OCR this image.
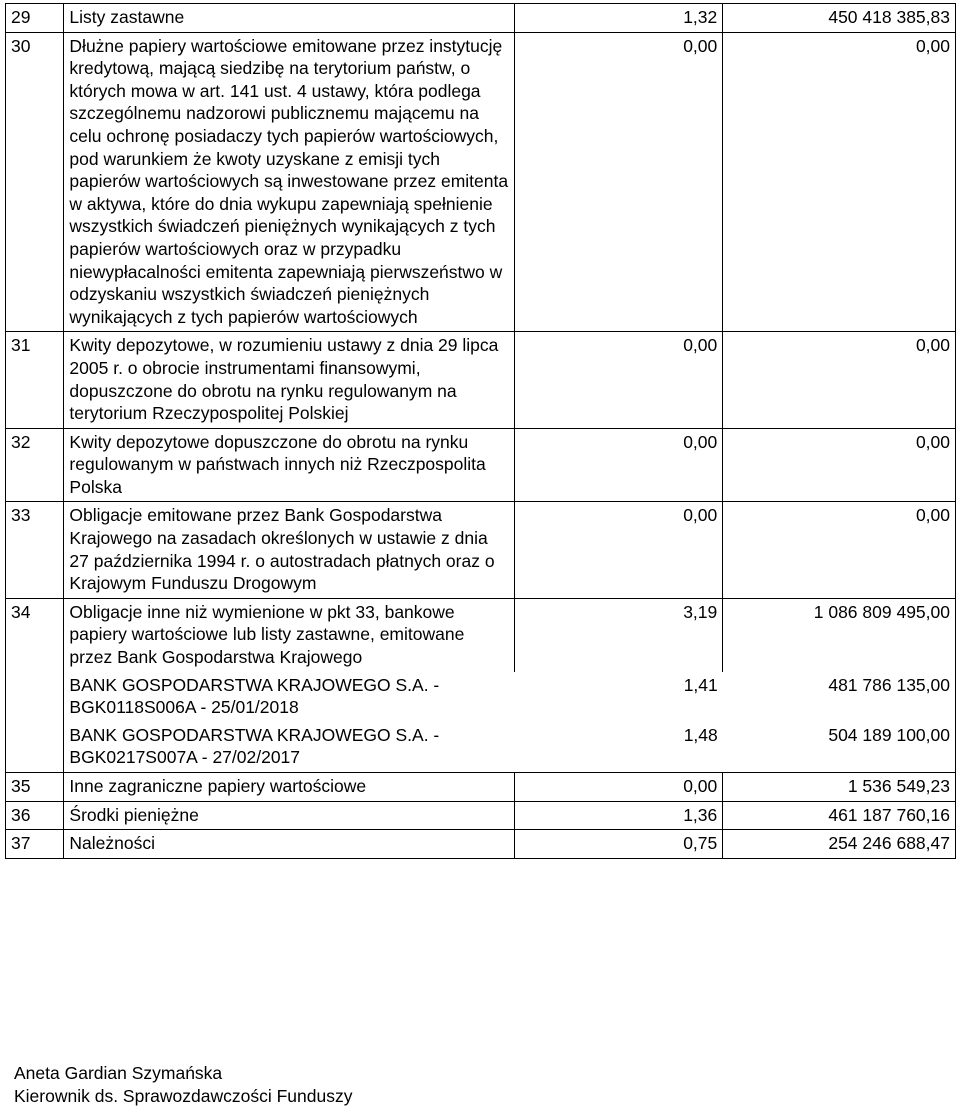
29	Listy zastawne	1,32	450 418 385,83
30	Dłużne papiery wartościowe emitowane przez instytucję kredytową, mającą siedzibę na terytorium państw, o których mowa w art. 141 ust. 4 ustawy, która podlega szczególnemu nadzorowi publicznemu mającemu na celu ochronę posiadaczy tych papierów wartościowych, pod warunkiem że kwoty uzyskane z emisji tych papierów wartościowych są inwestowane przez emitenta w aktywa, które do dnia wykupu zapewniają spełnienie wszystkich świadczeń pieniężnych wynikających z tych papierów wartościowych oraz w przypadku niewypłacalności emitenta zapewniają pierwszeństwo w odzyskaniu wszystkich świadczeń pieniężnych wynikających z tych papierów wartościowych	0,00	0,00
31	Kwity depozytowe, w rozumieniu ustawy z dnia 29 lipca 2005 r. o obrocie instrumentami finansowymi, dopuszczone do obrotu na rynku regulowanym na terytorium Rzeczypospolitej Polskiej	0,00	0,00
32	Kwity depozytowe dopuszczone do obrotu na rynku regulowanym w państwach innych niż Rzeczpospolita Polska	0,00	0,00
33	Obligacje emitowane przez Bank Gospodarstwa Krajowego na zasadach określonych w ustawie z dnia 27 października 1994 r. o autostradach płatnych oraz o Krajowym Funduszu Drogowym	0,00	0,00
34	Obligacje inne niż wymienione w pkt 33, bankowe papiery wartościowe lub listy zastawne, emitowane przez Bank Gospodarstwa Krajowego	3,19	1 086 809 495,00
	BANK GOSPODARSTWA KRAJOWEGO S.A. - BGK0118S006A - 25/01/2018	1,41	481 786 135,00
	BANK GOSPODARSTWA KRAJOWEGO S.A. - BGK0217S007A - 27/02/2017	1,48	504 189 100,00
35	Inne zagraniczne papiery wartościowe	0,00	1 536 549,23
36	Środki pieniężne	1,36	461 187 760,16
37	Należności	0,75	254 246 688,47
Aneta Gardian Szymańska
Kierownik ds. Sprawozdawczości Funduszy
